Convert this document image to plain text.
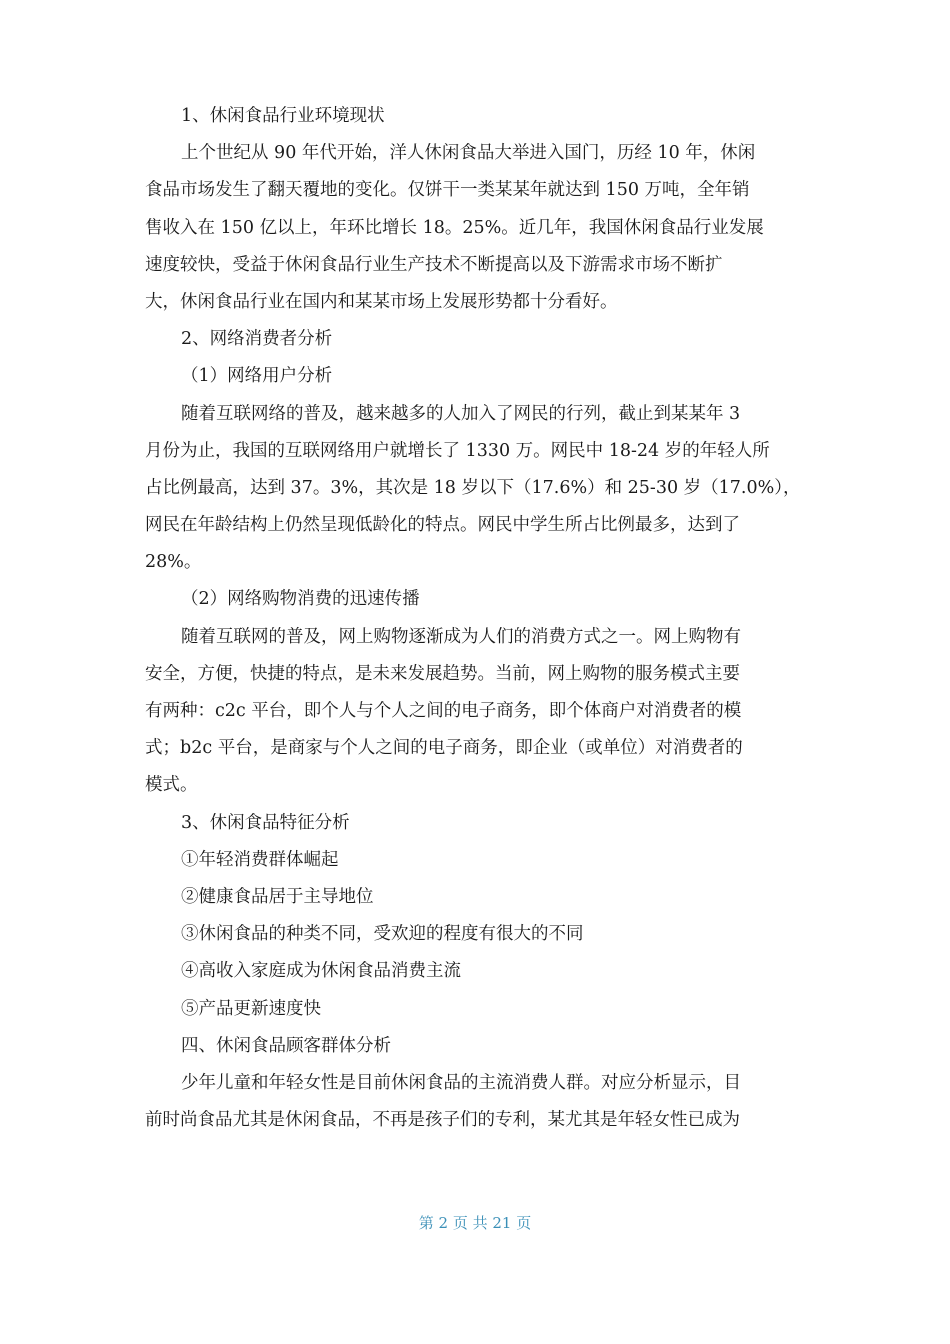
1、休闲食品行业环境现状
上个世纪从 90 年代开始，洋人休闲食品大举进入国门，历经 10 年，休闲
食品市场发生了翻天覆地的变化。仅饼干一类某某年就达到 150 万吨，全年销
售收入在 150 亿以上，年环比增长 18。25%。近几年，我国休闲食品行业发展
速度较快，受益于休闲食品行业生产技术不断提高以及下游需求市场不断扩
大，休闲食品行业在国内和某某市场上发展形势都十分看好。
2、网络消费者分析
（1）网络用户分析
随着互联网络的普及，越来越多的人加入了网民的行列，截止到某某年 3
月份为止，我国的互联网络用户就增长了 1330 万。网民中 18-24 岁的年轻人所
占比例最高，达到 37。3%，其次是 18 岁以下（17.6%）和 25-30 岁（17.0%），
网民在年龄结构上仍然呈现低龄化的特点。网民中学生所占比例最多，达到了
28%。
（2）网络购物消费的迅速传播
随着互联网的普及，网上购物逐渐成为人们的消费方式之一。网上购物有
安全，方便，快捷的特点，是未来发展趋势。当前，网上购物的服务模式主要
有两种：c2c 平台，即个人与个人之间的电子商务，即个体商户对消费者的模
式；b2c 平台，是商家与个人之间的电子商务，即企业（或单位）对消费者的
模式。
3、休闲食品特征分析
①年轻消费群体崛起
②健康食品居于主导地位
③休闲食品的种类不同，受欢迎的程度有很大的不同
④高收入家庭成为休闲食品消费主流
⑤产品更新速度快
四、休闲食品顾客群体分析
少年儿童和年轻女性是目前休闲食品的主流消费人群。对应分析显示，目
前时尚食品尤其是休闲食品，不再是孩子们的专利，某尤其是年轻女性已成为
第 2 页 共 21 页
